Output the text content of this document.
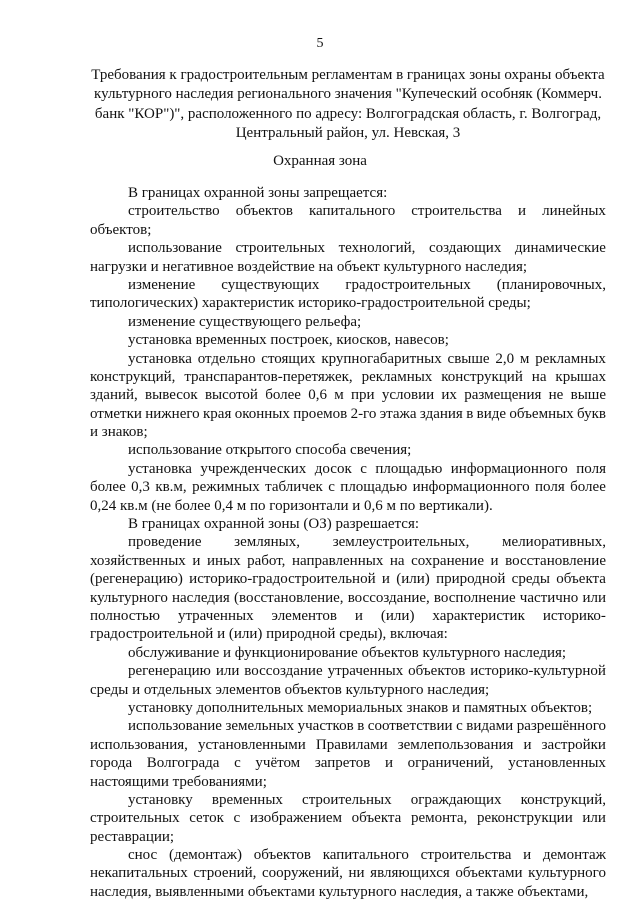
5
Требования к градостроительным регламентам в границах зоны охраны объекта
культурного наследия регионального значения "Купеческий особняк (Коммерч.
банк "КОР")", расположенного по адресу: Волгоградская область, г. Волгоград,
Центральный район, ул. Невская, 3
Охранная зона
В границах охранной зоны запрещается:
строительство объектов капитального строительства и линейных
объектов;
использование строительных технологий, создающих динамические
нагрузки и негативное воздействие на объект культурного наследия;
изменение существующих градостроительных (планировочных,
типологических) характеристик историко-градостроительной среды;
изменение существующего рельефа;
установка временных построек, киосков, навесов;
установка отдельно стоящих крупногабаритных свыше 2,0 м рекламных
конструкций, транспарантов-перетяжек, рекламных конструкций на крышах
зданий, вывесок высотой более 0,6 м при условии их размещения не выше
отметки нижнего края оконных проемов 2-го этажа здания в виде объемных букв
и знаков;
использование открытого способа свечения;
установка учрежденческих досок с площадью информационного поля
более 0,3 кв.м, режимных табличек с площадью информационного поля более
0,24 кв.м (не более 0,4 м по горизонтали и 0,6 м по вертикали).
В границах охранной зоны (ОЗ) разрешается:
проведение земляных, землеустроительных, мелиоративных,
хозяйственных и иных работ, направленных на сохранение и восстановление
(регенерацию) историко-градостроительной и (или) природной среды объекта
культурного наследия (восстановление, воссоздание, восполнение частично или
полностью утраченных элементов и (или) характеристик историко-
градостроительной и (или) природной среды), включая:
обслуживание и функционирование объектов культурного наследия;
регенерацию или воссоздание утраченных объектов историко-культурной
среды и отдельных элементов объектов культурного наследия;
установку дополнительных мемориальных знаков и памятных объектов;
использование земельных участков в соответствии с видами разрешённого
использования, установленными Правилами землепользования и застройки
города Волгограда с учётом запретов и ограничений, установленных
настоящими требованиями;
установку временных строительных ограждающих конструкций,
строительных сеток с изображением объекта ремонта, реконструкции или
реставрации;
снос (демонтаж) объектов капитального строительства и демонтаж
некапитальных строений, сооружений, ни являющихся объектами культурного
наследия, выявленными объектами культурного наследия, а также объектами,
